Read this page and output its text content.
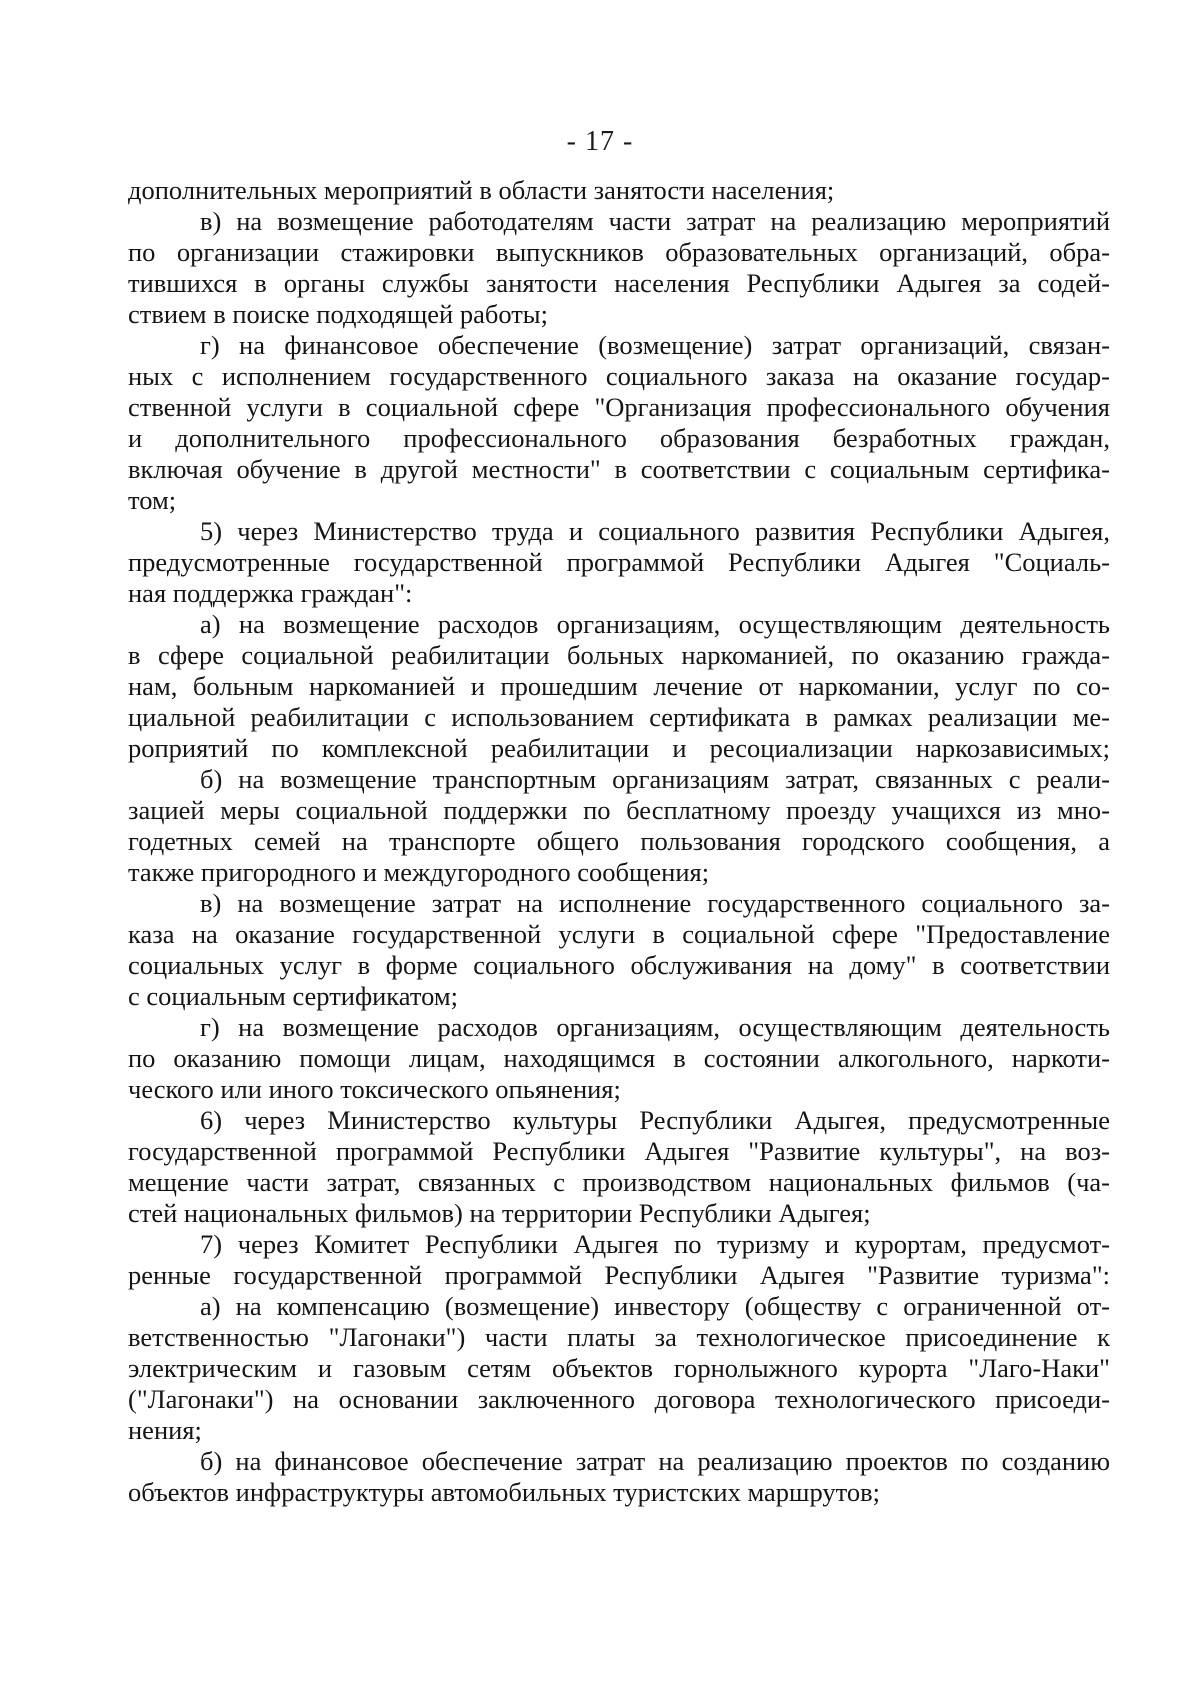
- 17 -
дополнительных мероприятий в области занятости населения;
в) на возмещение работодателям части затрат на реализацию мероприятий
по организации стажировки выпускников образовательных организаций, обра-
тившихся в органы службы занятости населения Республики Адыгея за содей-
ствием в поиске подходящей работы;
г) на финансовое обеспечение (возмещение) затрат организаций, связан-
ных с исполнением государственного социального заказа на оказание государ-
ственной услуги в социальной сфере "Организация профессионального обучения
и дополнительного профессионального образования безработных граждан,
включая обучение в другой местности" в соответствии с социальным сертифика-
том;
5) через Министерство труда и социального развития Республики Адыгея,
предусмотренные государственной программой Республики Адыгея "Социаль-
ная поддержка граждан":
а) на возмещение расходов организациям, осуществляющим деятельность
в сфере социальной реабилитации больных наркоманией, по оказанию гражда-
нам, больным наркоманией и прошедшим лечение от наркомании, услуг по со-
циальной реабилитации с использованием сертификата в рамках реализации ме-
роприятий по комплексной реабилитации и ресоциализации наркозависимых;
б) на возмещение транспортным организациям затрат, связанных с реали-
зацией меры социальной поддержки по бесплатному проезду учащихся из мно-
годетных семей на транспорте общего пользования городского сообщения, а
также пригородного и междугородного сообщения;
в) на возмещение затрат на исполнение государственного социального за-
каза на оказание государственной услуги в социальной сфере "Предоставление
социальных услуг в форме социального обслуживания на дому" в соответствии
с социальным сертификатом;
г) на возмещение расходов организациям, осуществляющим деятельность
по оказанию помощи лицам, находящимся в состоянии алкогольного, наркоти-
ческого или иного токсического опьянения;
6) через Министерство культуры Республики Адыгея, предусмотренные
государственной программой Республики Адыгея "Развитие культуры", на воз-
мещение части затрат, связанных с производством национальных фильмов (ча-
стей национальных фильмов) на территории Республики Адыгея;
7) через Комитет Республики Адыгея по туризму и курортам, предусмот-
ренные государственной программой Республики Адыгея "Развитие туризма":
а) на компенсацию (возмещение) инвестору (обществу с ограниченной от-
ветственностью "Лагонаки") части платы за технологическое присоединение к
электрическим и газовым сетям объектов горнолыжного курорта "Лаго-Наки"
("Лагонаки") на основании заключенного договора технологического присоеди-
нения;
б) на финансовое обеспечение затрат на реализацию проектов по созданию
объектов инфраструктуры автомобильных туристских маршрутов;
